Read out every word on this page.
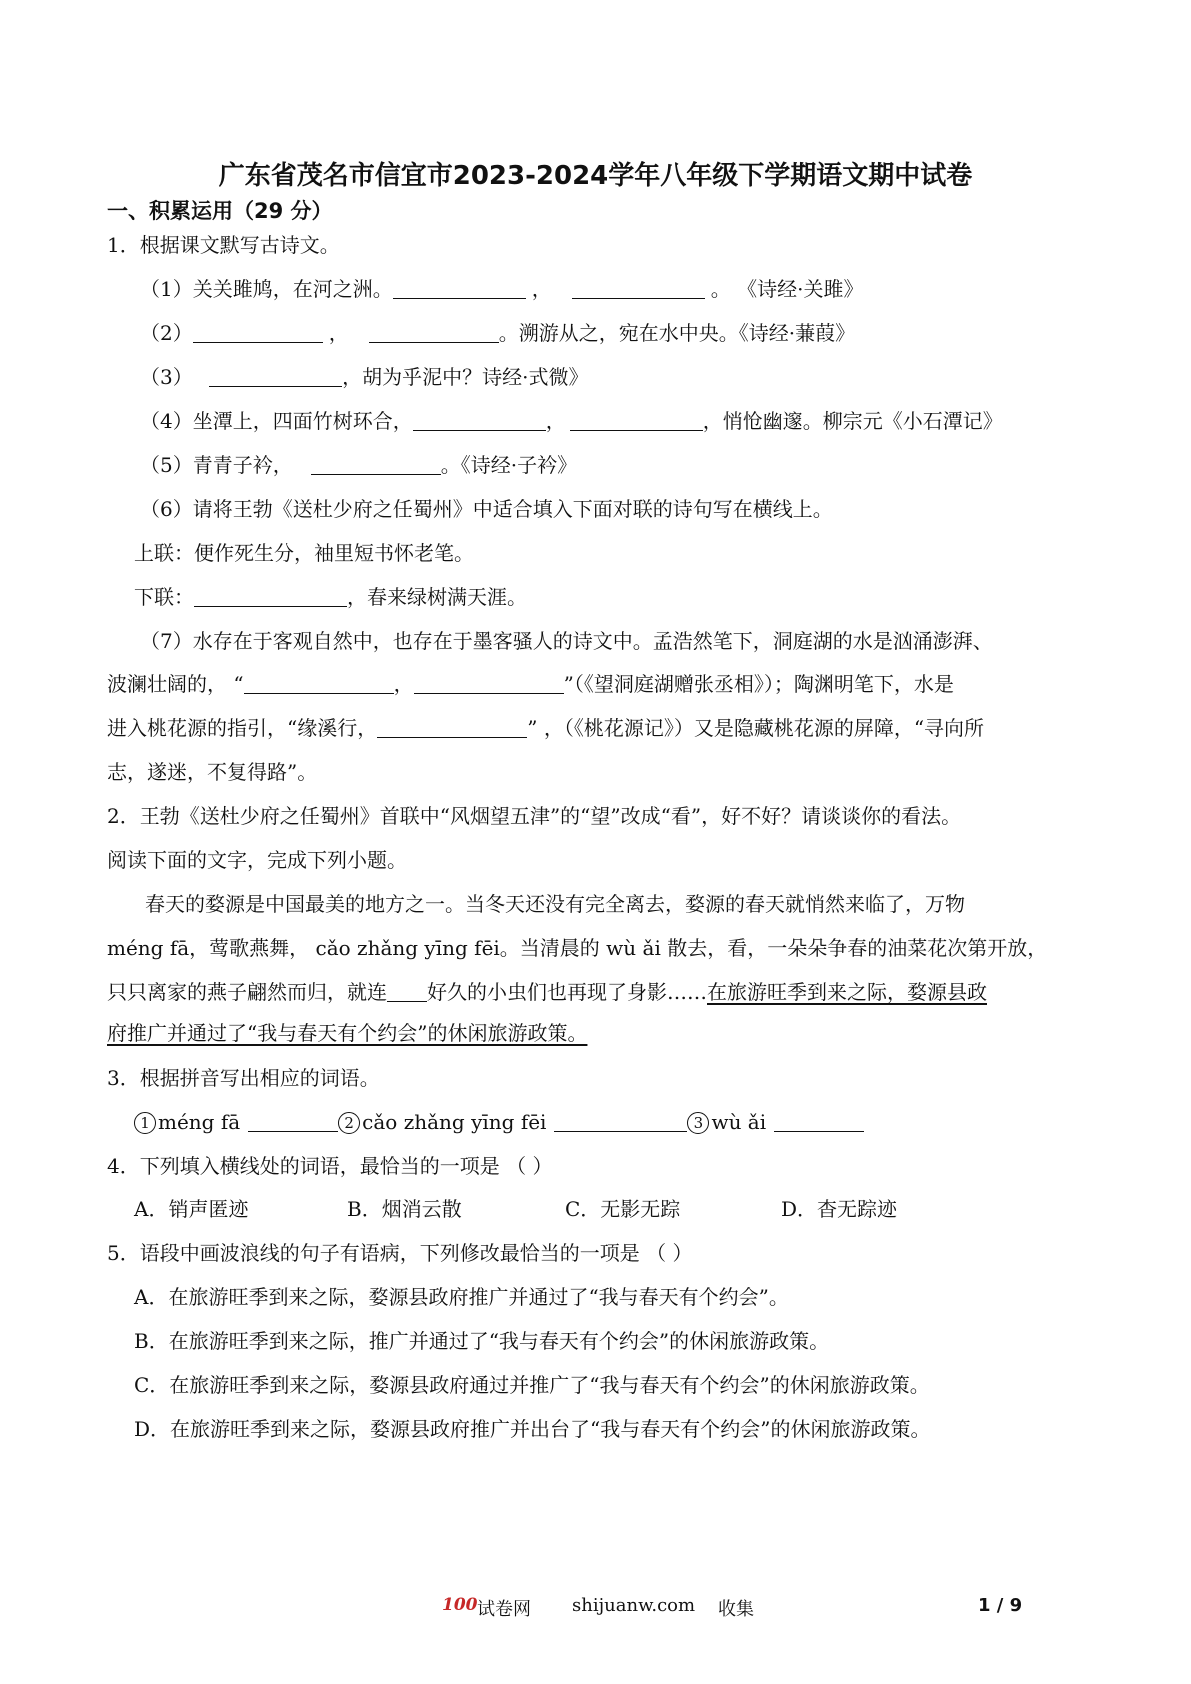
广东省茂名市信宜市2023-2024学年八年级下学期语文期中试卷
一、积累运用（29 分）
1．根据课文默写古诗文。
（1）关关雎鸠，在河之洲。	，	。 《诗经·关雎》
（2）	，	。溯游从之，宛在水中央。《诗经·蒹葭》
（3）	，胡为乎泥中？诗经·式微》
（4）坐潭上，四面竹树环合，	，	，悄怆幽邃。柳宗元《小石潭记》
（5）青青子衿，	。《诗经·子衿》
（6）请将王勃《送杜少府之任蜀州》中适合填入下面对联的诗句写在横线上。
上联：便作死生分，袖里短书怀老笔。
下联：	，春来绿树满天涯。
（7）水存在于客观自然中，也存在于墨客骚人的诗文中。孟浩然笔下，洞庭湖的水是汹涌澎湃、
波澜壮阔的， “	，	”（《望洞庭湖赠张丞相》）；陶渊明笔下，水是
进入桃花源的指引，“缘溪行，	” ，（《桃花源记》）又是隐藏桃花源的屏障，“寻向所
志，遂迷，不复得路”。
2．王勃《送杜少府之任蜀州》首联中“风烟望五津”的“望”改成“看”，好不好？请谈谈你的看法。
阅读下面的文字，完成下列小题。
春天的婺源是中国最美的地方之一。当冬天还没有完全离去，婺源的春天就悄然来临了，万物
méng fā，莺歌燕舞， cǎo zhǎng yīng fēi。当清晨的 wù ǎi 散去，看，一朵朵争春的油菜花次第开放，
只只离家的燕子翩然而归，就连 好久的小虫们也再现了身影……在旅游旺季到来之际，婺源县政
府推广并通过了“我与春天有个约会”的休闲旅游政策。
3．根据拼音写出相应的词语。
1 méng fā	2 cǎo zhǎng yīng fēi	3 wù ǎi
4．下列填入横线处的词语，最恰当的一项是 （ ）
A．销声匿迹	B．烟消云散	C．无影无踪	D．杳无踪迹
5．语段中画波浪线的句子有语病，下列修改最恰当的一项是 （ ）
A．在旅游旺季到来之际，婺源县政府推广并通过了“我与春天有个约会”。
B．在旅游旺季到来之际，推广并通过了“我与春天有个约会”的休闲旅游政策。
C．在旅游旺季到来之际，婺源县政府通过并推广了“我与春天有个约会”的休闲旅游政策。
D．在旅游旺季到来之际，婺源县政府推广并出台了“我与春天有个约会”的休闲旅游政策。
100 试卷网 shijuanw.com 收集	1 / 9
